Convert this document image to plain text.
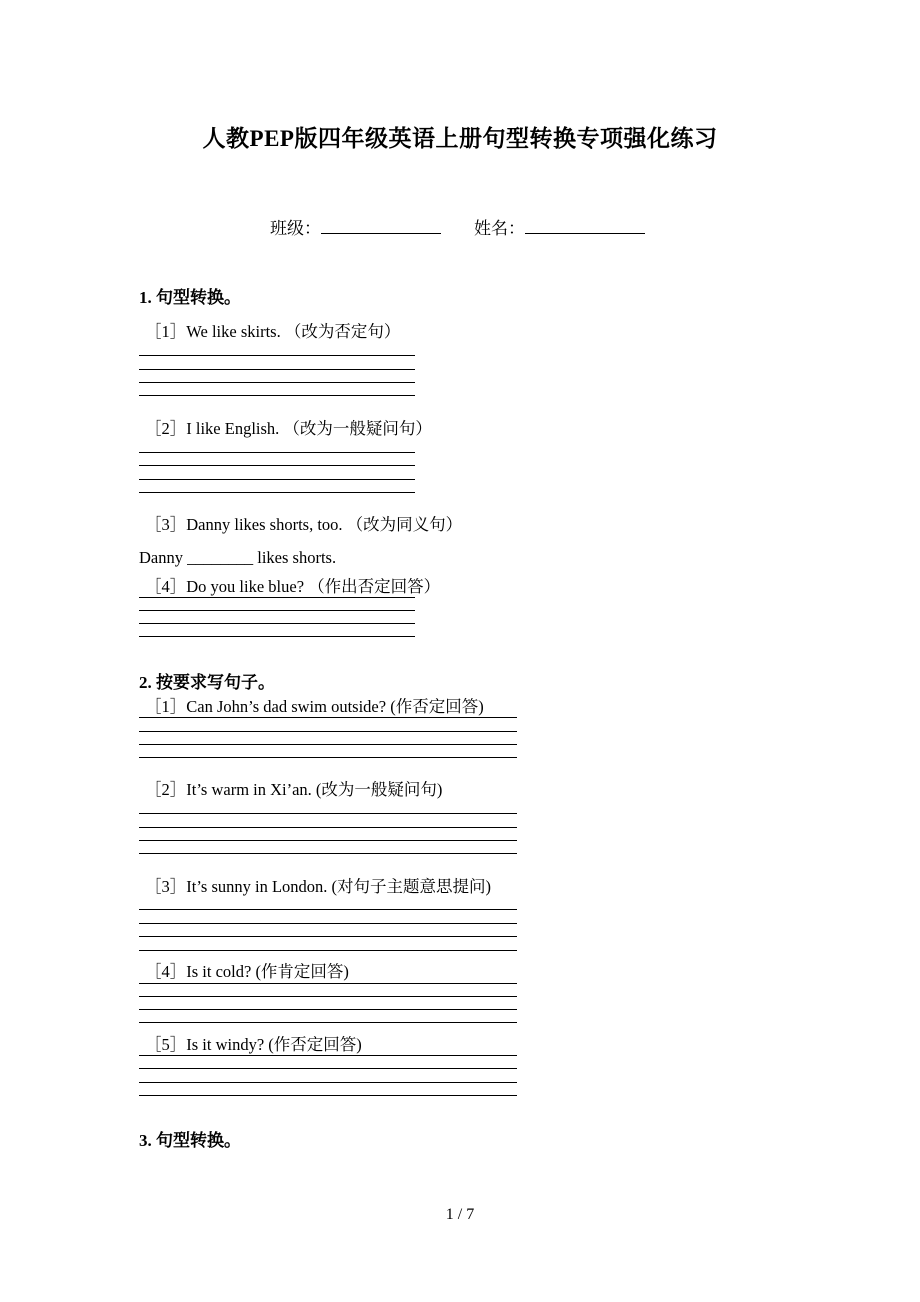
人教PEP版四年级英语上册句型转换专项强化练习
班级：	姓名：
1. 句型转换。
［1］We like skirts. （改为否定句）
［2］I like English. （改为一般疑问句）
［3］Danny likes shorts, too. （改为同义句）
Danny ________ likes shorts.
［4］Do you like blue? （作出否定回答）
2. 按要求写句子。
［1］Can John’s dad swim outside? (作否定回答)
［2］It’s warm in Xi’an. (改为一般疑问句)
［3］It’s sunny in London. (对句子主题意思提问)
［4］Is it cold? (作肯定回答)
［5］Is it windy? (作否定回答)
3. 句型转换。
1 / 7
